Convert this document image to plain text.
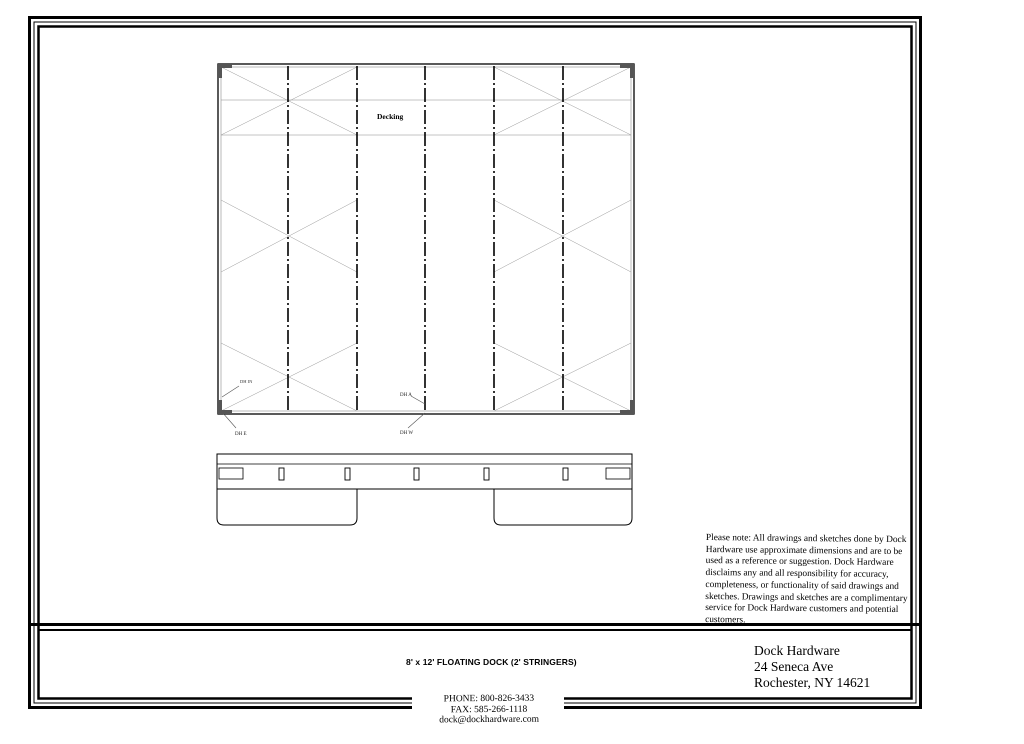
Decking
DH IN
DH A
DH E	DH W
Please note: All drawings and sketches done by Dock Hardware use approximate dimensions and are to be used as a reference or suggestion. Dock Hardware disclaims any and all responsibility for accuracy, completeness, or functionality of said drawings and sketches. Drawings and sketches are a complimentary service for Dock Hardware customers and potential customers.
8' x 12' FLOATING DOCK (2' STRINGERS)
Dock Hardware
24 Seneca Ave
Rochester, NY 14621
PHONE: 800-826-3433
FAX: 585-266-1118
dock@dockhardware.com
